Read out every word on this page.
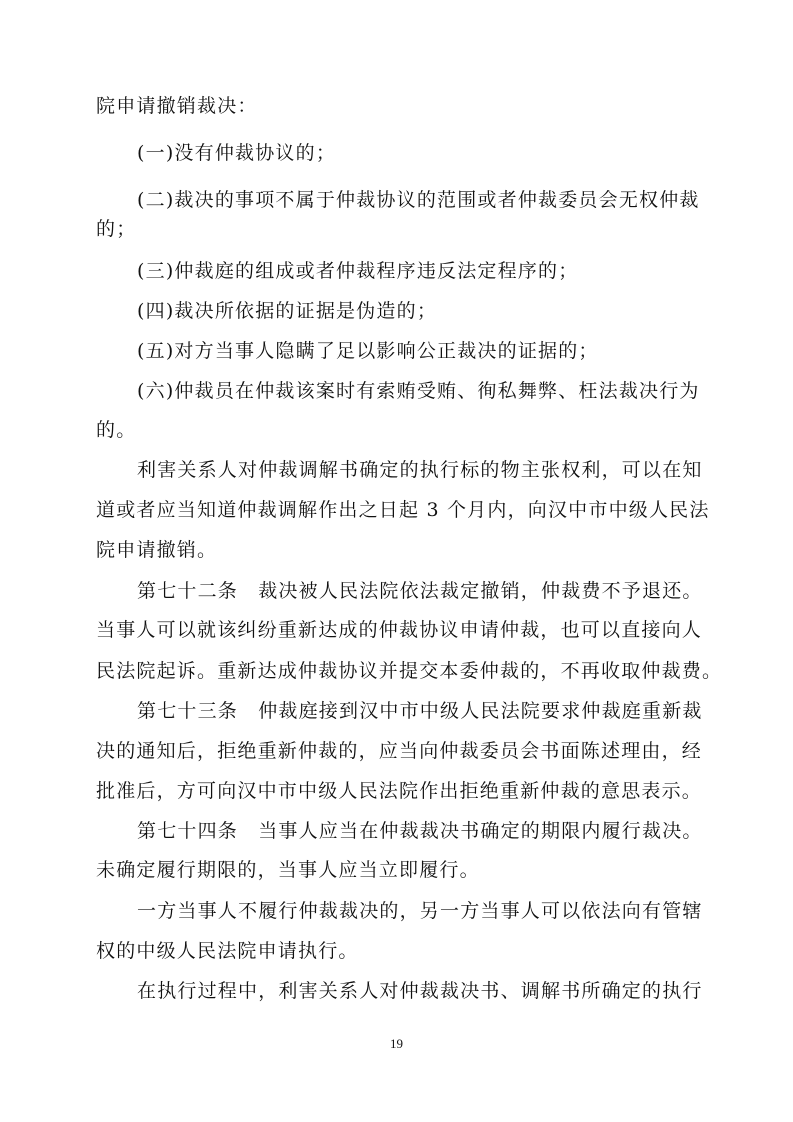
院申请撤销裁决：
(一)没有仲裁协议的；
(二)裁决的事项不属于仲裁协议的范围或者仲裁委员会无权仲裁
的；
(三)仲裁庭的组成或者仲裁程序违反法定程序的；
(四)裁决所依据的证据是伪造的；
(五)对方当事人隐瞒了足以影响公正裁决的证据的；
(六)仲裁员在仲裁该案时有索贿受贿、徇私舞弊、枉法裁决行为
的。
利害关系人对仲裁调解书确定的执行标的物主张权利，可以在知
道或者应当知道仲裁调解作出之日起 3 个月内，向汉中市中级人民法
院申请撤销。
第七十二条　裁决被人民法院依法裁定撤销，仲裁费不予退还。
当事人可以就该纠纷重新达成的仲裁协议申请仲裁，也可以直接向人
民法院起诉。重新达成仲裁协议并提交本委仲裁的，不再收取仲裁费。
第七十三条　仲裁庭接到汉中市中级人民法院要求仲裁庭重新裁
决的通知后，拒绝重新仲裁的，应当向仲裁委员会书面陈述理由，经
批准后，方可向汉中市中级人民法院作出拒绝重新仲裁的意思表示。
第七十四条　当事人应当在仲裁裁决书确定的期限内履行裁决。
未确定履行期限的，当事人应当立即履行。
一方当事人不履行仲裁裁决的，另一方当事人可以依法向有管辖
权的中级人民法院申请执行。
在执行过程中，利害关系人对仲裁裁决书、调解书所确定的执行
19
